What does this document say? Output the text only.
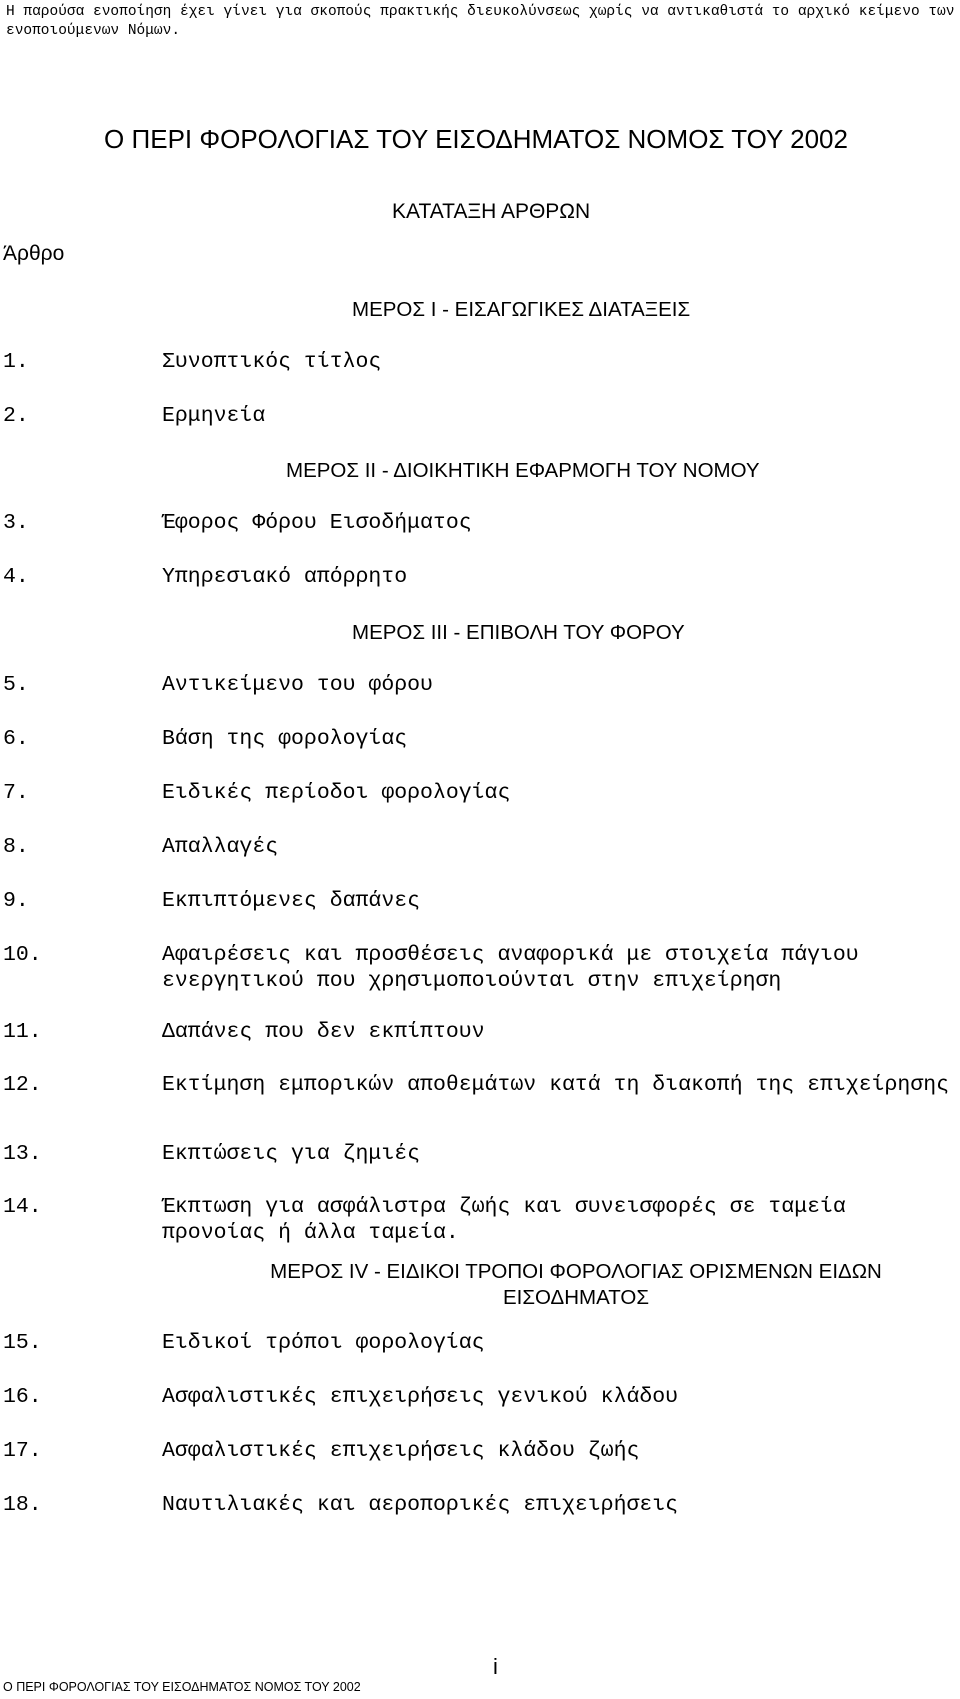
Η παρούσα ενοποίηση έχει γίνει για σκοπούς πρακτικής διευκολύνσεως χωρίς να αντικαθιστά το αρχικό κείμενο των ενοποιούμενων Νόμων.
Ο ΠΕΡΙ ΦΟΡΟΛΟΓΙΑΣ ΤΟΥ ΕΙΣΟΔΗΜΑΤΟΣ ΝΟΜΟΣ ΤΟΥ 2002
ΚΑΤΑΤΑΞΗ ΑΡΘΡΩΝ
Άρθρο
ΜΕΡΟΣ Ι - ΕΙΣΑΓΩΓΙΚΕΣ ΔΙΑΤΑΞΕΙΣ
ΜΕΡΟΣ ΙΙ - ΔΙΟΙΚΗΤΙΚΗ ΕΦΑΡΜΟΓΗ ΤΟΥ ΝΟΜΟΥ
ΜΕΡΟΣ ΙΙΙ - ΕΠΙΒΟΛΗ ΤΟΥ ΦΟΡΟΥ
ΜΕΡΟΣ IV - ΕΙΔΙΚΟΙ ΤΡΟΠΟΙ ΦΟΡΟΛΟΓΙΑΣ ΟΡΙΣΜΕΝΩΝ ΕΙΔΩΝ ΕΙΣΟΔΗΜΑΤΟΣ
1.	Συνοπτικός τίτλος
2.	Ερμηνεία
3.	Έφορος Φόρου Εισοδήματος
4.	Υπηρεσιακό απόρρητο
5.	Αντικείμενο του φόρου
6.	Βάση της φορολογίας
7.	Ειδικές περίοδοι φορολογίας
8.	Απαλλαγές
9.	Εκπιπτόμενες δαπάνες
10.	Αφαιρέσεις και προσθέσεις αναφορικά με στοιχεία πάγιου ενεργητικού που χρησιμοποιούνται στην επιχείρηση
11.	Δαπάνες που δεν εκπίπτουν
12.	Εκτίμηση εμπορικών αποθεμάτων κατά τη διακοπή της επιχείρησης
13.	Εκπτώσεις για ζημιές
14.	Έκπτωση για ασφάλιστρα ζωής και συνεισφορές σε ταμεία προνοίας ή άλλα ταμεία.
15.	Ειδικοί τρόποι φορολογίας
16.	Ασφαλιστικές επιχειρήσεις γενικού κλάδου
17.	Ασφαλιστικές επιχειρήσεις κλάδου ζωής
18.	Ναυτιλιακές και αεροπορικές επιχειρήσεις
i
Ο ΠΕΡΙ ΦΟΡΟΛΟΓΙΑΣ ΤΟΥ ΕΙΣΟΔΗΜΑΤΟΣ ΝΟΜΟΣ ΤΟΥ 2002
